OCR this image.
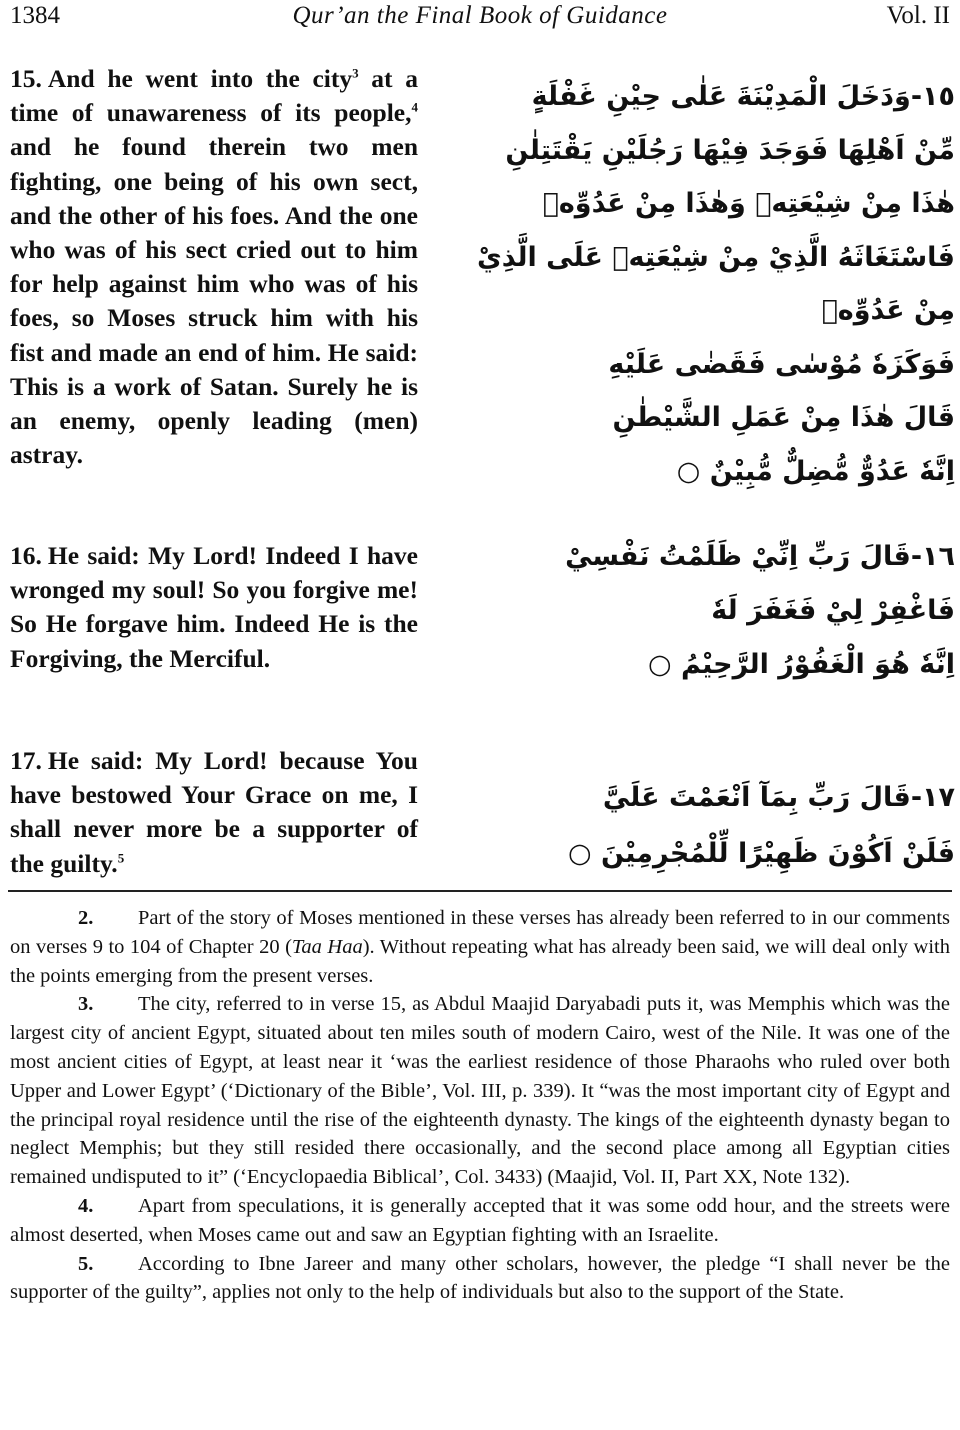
1384	Qur’an the Final Book of Guidance	Vol. II
15. And he went into the city$^3$ at a time of unawareness of its people,$^4$ and he found therein two men fighting, one being of his own sect, and the other of his foes. And the one who was of his sect cried out to him for help against him who was of his foes, so Moses struck him with his fist and made an end of him. He said: This is a work of Satan. Surely he is an enemy, openly leading (men) astray.
١٥-وَدَخَلَ الْمَدِيْنَةَ عَلٰى حِيْنِ غَفْلَةٍ
مِّنْ اَهْلِهَا فَوَجَدَ فِيْهَا رَجُلَيْنِ يَقْتَتِلٰنِ
هٰذَا مِنْ شِيْعَتِهٖ وَهٰذَا مِنْ عَدُوِّهٖ
فَاسْتَغَاثَهُ الَّذِيْ مِنْ شِيْعَتِهٖ عَلَى الَّذِيْ
مِنْ عَدُوِّهٖ
فَوَكَزَهٗ مُوْسٰى فَقَضٰى عَلَيْهِ
قَالَ هٰذَا مِنْ عَمَلِ الشَّيْطٰنِ
اِنَّهٗ عَدُوٌّ مُّضِلٌّ مُّبِيْنٌ ○
16. He said: My Lord! Indeed I have wronged my soul! So you forgive me! So He forgave him. Indeed He is the Forgiving, the Merciful.
١٦-قَالَ رَبِّ اِنِّيْ ظَلَمْتُ نَفْسِيْ
فَاغْفِرْ لِيْ فَغَفَرَ لَهٗ
اِنَّهٗ هُوَ الْغَفُوْرُ الرَّحِيْمُ ○
17. He said: My Lord! because You have bestowed Your Grace on me, I shall never more be a supporter of the guilty.$^5$
١٧-قَالَ رَبِّ بِمَآ اَنْعَمْتَ عَلَيَّ
فَلَنْ اَكُوْنَ ظَهِيْرًا لِّلْمُجْرِمِيْنَ ○

2. Part of the story of Moses mentioned in these verses has already been referred to in our comments on verses 9 to 104 of Chapter 20 (Taa Haa). Without repeating what has already been said, we will deal only with the points emerging from the present verses.

3. The city, referred to in verse 15, as Abdul Maajid Daryabadi puts it, was Memphis which was the largest city of ancient Egypt, situated about ten miles south of modern Cairo, west of the Nile. It was one of the most ancient cities of Egypt, at least near it ‘was the earliest residence of those Pharaohs who ruled over both Upper and Lower Egypt’ (‘Dictionary of the Bible’, Vol. III, p. 339). It “was the most important city of Egypt and the principal royal residence until the rise of the eighteenth dynasty. The kings of the eighteenth dynasty began to neglect Memphis; but they still resided there occasionally, and the second place among all Egyptian cities remained undisputed to it” (‘Encyclopaedia Biblical’, Col. 3433) (Maajid, Vol. II, Part XX, Note 132).

4. Apart from speculations, it is generally accepted that it was some odd hour, and the streets were almost deserted, when Moses came out and saw an Egyptian fighting with an Israelite.

5. According to Ibne Jareer and many other scholars, however, the pledge “I shall never be the supporter of the guilty”, applies not only to the help of individuals but also to the support of the State.
